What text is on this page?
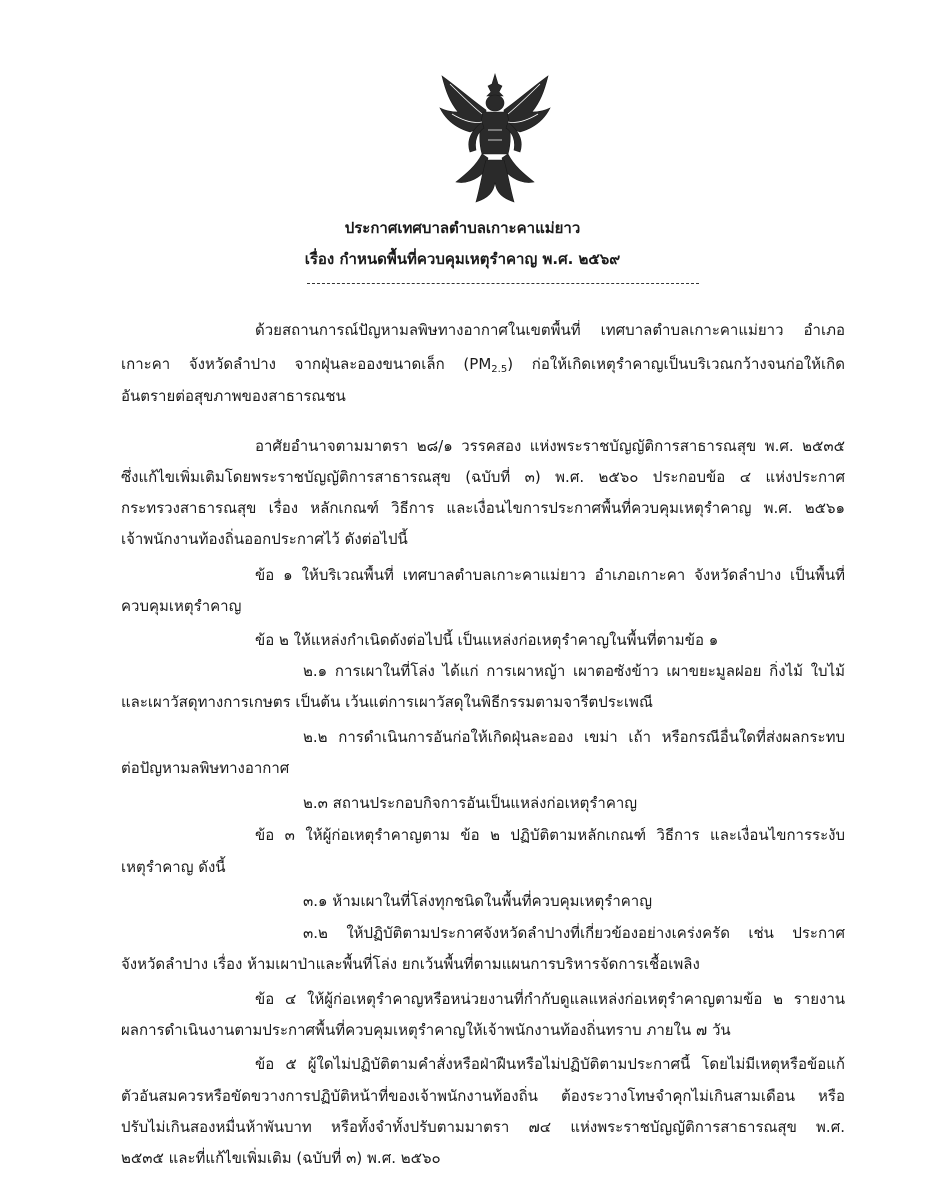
ประกาศเทศบาลตำบลเกาะคาแม่ยาว
เรื่อง กำหนดพื้นที่ควบคุมเหตุรำคาญ พ.ศ. ๒๕๖๙
ด้วยสถานการณ์ปัญหามลพิษทางอากาศในเขตพื้นที่ เทศบาลตำบลเกาะคาแม่ยาว อำเภอ
เกาะคา จังหวัดลำปาง จากฝุ่นละอองขนาดเล็ก $(PM_{2.5})$ ก่อให้เกิดเหตุรำคาญเป็นบริเวณกว้างจนก่อให้เกิด
อันตรายต่อสุขภาพของสาธารณชน
อาศัยอำนาจตามมาตรา ๒๘/๑ วรรคสอง แห่งพระราชบัญญัติการสาธารณสุข พ.ศ. ๒๕๓๕
ซึ่งแก้ไขเพิ่มเติมโดยพระราชบัญญัติการสาธารณสุข (ฉบับที่ ๓) พ.ศ. ๒๕๖๐ ประกอบข้อ ๔ แห่งประกาศ
กระทรวงสาธารณสุข เรื่อง หลักเกณฑ์ วิธีการ และเงื่อนไขการประกาศพื้นที่ควบคุมเหตุรำคาญ พ.ศ. ๒๕๖๑
เจ้าพนักงานท้องถิ่นออกประกาศไว้ ดังต่อไปนี้
ข้อ ๑ ให้บริเวณพื้นที่ เทศบาลตำบลเกาะคาแม่ยาว อำเภอเกาะคา จังหวัดลำปาง เป็นพื้นที่
ควบคุมเหตุรำคาญ
ข้อ ๒ ให้แหล่งกำเนิดดังต่อไปนี้ เป็นแหล่งก่อเหตุรำคาญในพื้นที่ตามข้อ ๑
๒.๑ การเผาในที่โล่ง ได้แก่ การเผาหญ้า เผาตอซังข้าว เผาขยะมูลฝอย กิ่งไม้ ใบไม้
และเผาวัสดุทางการเกษตร เป็นต้น เว้นแต่การเผาวัสดุในพิธีกรรมตามจารีตประเพณี
๒.๒ การดำเนินการอันก่อให้เกิดฝุ่นละออง เขม่า เถ้า หรือกรณีอื่นใดที่ส่งผลกระทบ
ต่อปัญหามลพิษทางอากาศ
๒.๓ สถานประกอบกิจการอันเป็นแหล่งก่อเหตุรำคาญ
ข้อ ๓ ให้ผู้ก่อเหตุรำคาญตาม ข้อ ๒ ปฏิบัติตามหลักเกณฑ์ วิธีการ และเงื่อนไขการระงับ
เหตุรำคาญ ดังนี้
๓.๑ ห้ามเผาในที่โล่งทุกชนิดในพื้นที่ควบคุมเหตุรำคาญ
๓.๒ ให้ปฏิบัติตามประกาศจังหวัดลำปางที่เกี่ยวข้องอย่างเคร่งครัด เช่น ประกาศ
จังหวัดลำปาง เรื่อง ห้ามเผาป่าและพื้นที่โล่ง ยกเว้นพื้นที่ตามแผนการบริหารจัดการเชื้อเพลิง
ข้อ ๔ ให้ผู้ก่อเหตุรำคาญหรือหน่วยงานที่กำกับดูแลแหล่งก่อเหตุรำคาญตามข้อ ๒ รายงาน
ผลการดำเนินงานตามประกาศพื้นที่ควบคุมเหตุรำคาญให้เจ้าพนักงานท้องถิ่นทราบ ภายใน ๗ วัน
ข้อ ๕ ผู้ใดไม่ปฏิบัติตามคำสั่งหรือฝ่าฝืนหรือไม่ปฏิบัติตามประกาศนี้ โดยไม่มีเหตุหรือข้อแก้
ตัวอันสมควรหรือขัดขวางการปฏิบัติหน้าที่ของเจ้าพนักงานท้องถิ่น ต้องระวางโทษจำคุกไม่เกินสามเดือน หรือ
ปรับไม่เกินสองหมื่นห้าพันบาท หรือทั้งจำทั้งปรับตามมาตรา ๗๔ แห่งพระราชบัญญัติการสาธารณสุข พ.ศ.
๒๕๓๕ และที่แก้ไขเพิ่มเติม (ฉบับที่ ๓) พ.ศ. ๒๕๖๐
